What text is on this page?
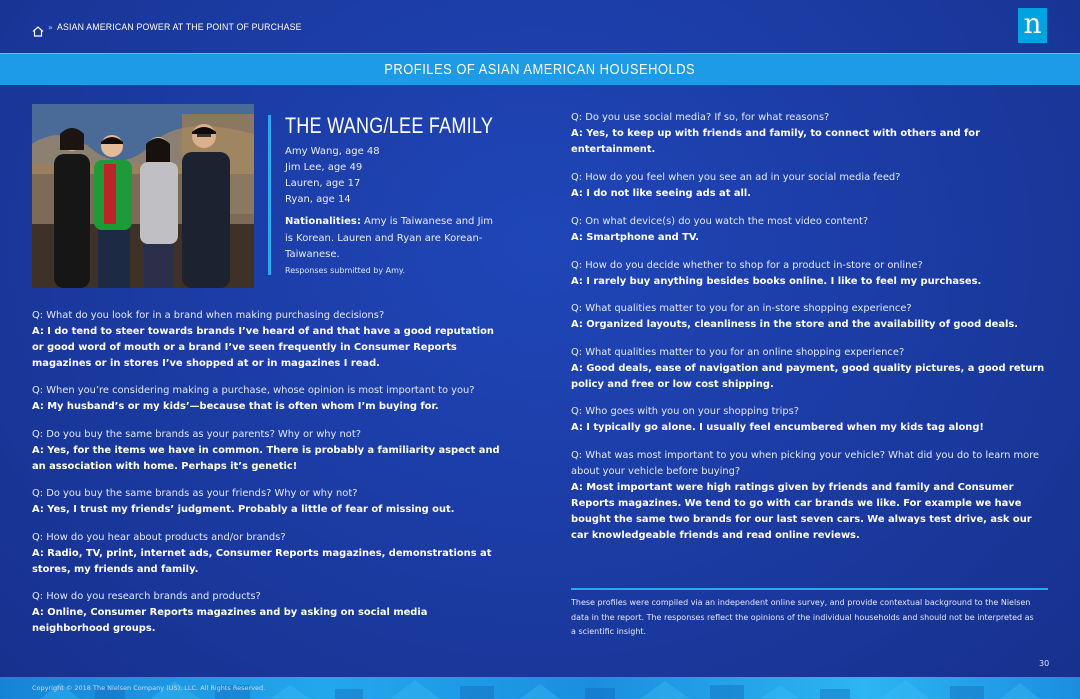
» ASIAN AMERICAN POWER AT THE POINT OF PURCHASE	n
PROFILES OF ASIAN AMERICAN HOUSEHOLDS
THE WANG/LEE FAMILY
Amy Wang, age 48
Jim Lee, age 49
Lauren, age 17
Ryan, age 14
Nationalities: Amy is Taiwanese and Jim is Korean. Lauren and Ryan are Korean-Taiwanese.
Responses submitted by Amy.
Q: What do you look for in a brand when making purchasing decisions?
A: I do tend to steer towards brands I’ve heard of and that have a good reputation or good word of mouth or a brand I’ve seen frequently in Consumer Reports magazines or in stores I’ve shopped at or in magazines I read.
Q: When you’re considering making a purchase, whose opinion is most important to you?
A: My husband’s or my kids’—because that is often whom I’m buying for.
Q: Do you buy the same brands as your parents? Why or why not?
A: Yes, for the items we have in common. There is probably a familiarity aspect and an association with home. Perhaps it’s genetic!
Q: Do you buy the same brands as your friends? Why or why not?
A: Yes, I trust my friends’ judgment. Probably a little of fear of missing out.
Q: How do you hear about products and/or brands?
A: Radio, TV, print, internet ads, Consumer Reports magazines, demonstrations at stores, my friends and family.
Q: How do you research brands and products?
A: Online, Consumer Reports magazines and by asking on social media neighborhood groups.
Q: Do you use social media? If so, for what reasons?
A: Yes, to keep up with friends and family, to connect with others and for entertainment.
Q: How do you feel when you see an ad in your social media feed?
A: I do not like seeing ads at all.
Q: On what device(s) do you watch the most video content?
A: Smartphone and TV.
Q: How do you decide whether to shop for a product in-store or online?
A: I rarely buy anything besides books online. I like to feel my purchases.
Q: What qualities matter to you for an in-store shopping experience?
A: Organized layouts, cleanliness in the store and the availability of good deals.
Q: What qualities matter to you for an online shopping experience?
A: Good deals, ease of navigation and payment, good quality pictures, a good return policy and free or low cost shipping.
Q: Who goes with you on your shopping trips?
A: I typically go alone. I usually feel encumbered when my kids tag along!
Q: What was most important to you when picking your vehicle? What did you do to learn more about your vehicle before buying?
A: Most important were high ratings given by friends and family and Consumer Reports magazines. We tend to go with car brands we like. For example we have bought the same two brands for our last seven cars. We always test drive, ask our car knowledgeable friends and read online reviews.
These profiles were compiled via an independent online survey, and provide contextual background to the Nielsen data in the report. The responses reflect the opinions of the individual households and should not be interpreted as a scientific insight.
30
Copyright © 2018 The Nielsen Company (US), LLC. All Rights Reserved.
